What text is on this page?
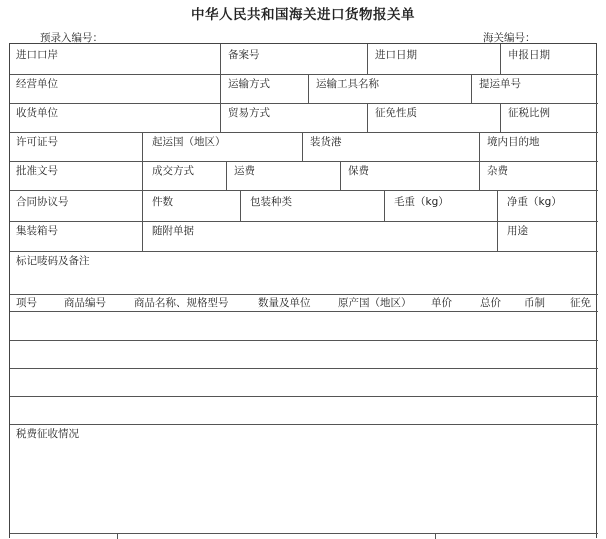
中华人民共和国海关进口货物报关单
预录入编号：	海关编号：
进口口岸	备案号	进口日期	申报日期
经营单位	运输方式	运输工具名称	提运单号
收货单位	贸易方式	征免性质	征税比例
许可证号	起运国（地区）	装货港	境内目的地
批准文号	成交方式	运费	保费	杂费
合同协议号	件数	包装种类	毛重（kg）	净重（kg）
集装箱号	随附单据	用途
标记唛码及备注
项号	商品编号	商品名称、规格型号	数量及单位	原产国（地区） 单价	总价 币制 征免
税费征收情况
